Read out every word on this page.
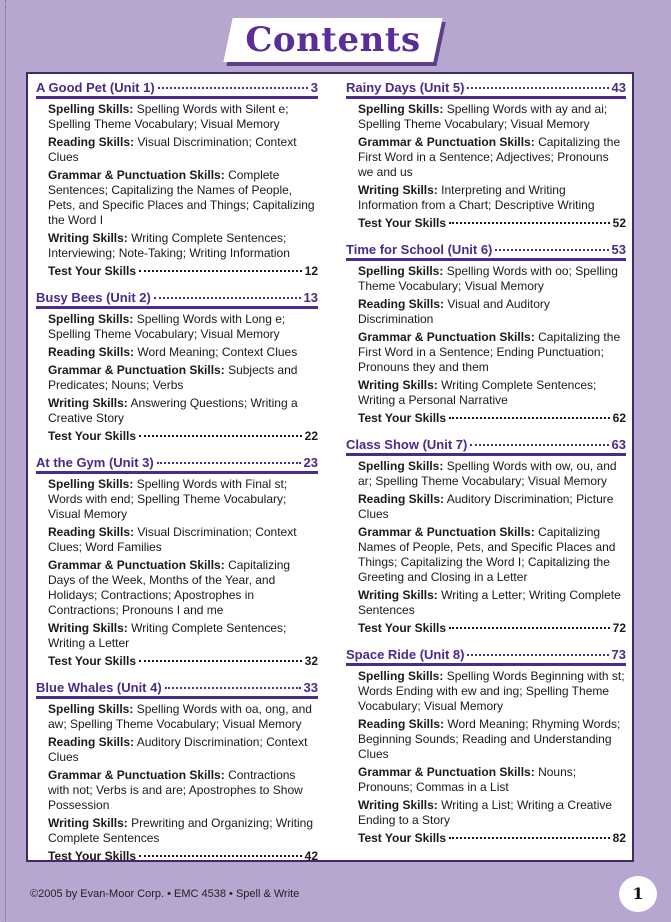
Contents
A Good Pet (Unit 1)	3
Spelling Skills: Spelling Words with Silent e; Spelling Theme Vocabulary; Visual Memory
Reading Skills: Visual Discrimination; Context Clues
Grammar & Punctuation Skills: Complete Sentences; Capitalizing the Names of People, Pets, and Specific Places and Things; Capitalizing the Word I
Writing Skills: Writing Complete Sentences; Interviewing; Note-Taking; Writing Information
Test Your Skills	12
Busy Bees (Unit 2)	13
Spelling Skills: Spelling Words with Long e; Spelling Theme Vocabulary; Visual Memory
Reading Skills: Word Meaning; Context Clues
Grammar & Punctuation Skills: Subjects and Predicates; Nouns; Verbs
Writing Skills: Answering Questions; Writing a Creative Story
Test Your Skills	22
At the Gym (Unit 3)	23
Spelling Skills: Spelling Words with Final st; Words with end; Spelling Theme Vocabulary; Visual Memory
Reading Skills: Visual Discrimination; Context Clues; Word Families
Grammar & Punctuation Skills: Capitalizing Days of the Week, Months of the Year, and Holidays; Contractions; Apostrophes in Contractions; Pronouns I and me
Writing Skills: Writing Complete Sentences; Writing a Letter
Test Your Skills	32
Blue Whales (Unit 4)	33
Spelling Skills: Spelling Words with oa, ong, and aw; Spelling Theme Vocabulary; Visual Memory
Reading Skills: Auditory Discrimination; Context Clues
Grammar & Punctuation Skills: Contractions with not; Verbs is and are; Apostrophes to Show Possession
Writing Skills: Prewriting and Organizing; Writing Complete Sentences
Test Your Skills	42
Rainy Days (Unit 5)	43
Spelling Skills: Spelling Words with ay and ai; Spelling Theme Vocabulary; Visual Memory
Grammar & Punctuation Skills: Capitalizing the First Word in a Sentence; Adjectives; Pronouns we and us
Writing Skills: Interpreting and Writing Information from a Chart; Descriptive Writing
Test Your Skills	52
Time for School (Unit 6)	53
Spelling Skills: Spelling Words with oo; Spelling Theme Vocabulary; Visual Memory
Reading Skills: Visual and Auditory Discrimination
Grammar & Punctuation Skills: Capitalizing the First Word in a Sentence; Ending Punctuation; Pronouns they and them
Writing Skills: Writing Complete Sentences; Writing a Personal Narrative
Test Your Skills	62
Class Show (Unit 7)	63
Spelling Skills: Spelling Words with ow, ou, and ar; Spelling Theme Vocabulary; Visual Memory
Reading Skills: Auditory Discrimination; Picture Clues
Grammar & Punctuation Skills: Capitalizing Names of People, Pets, and Specific Places and Things; Capitalizing the Word I; Capitalizing the Greeting and Closing in a Letter
Writing Skills: Writing a Letter; Writing Complete Sentences
Test Your Skills	72
Space Ride (Unit 8)	73
Spelling Skills: Spelling Words Beginning with st; Words Ending with ew and ing; Spelling Theme Vocabulary; Visual Memory
Reading Skills: Word Meaning; Rhyming Words; Beginning Sounds; Reading and Understanding Clues
Grammar & Punctuation Skills: Nouns; Pronouns; Commas in a List
Writing Skills: Writing a List; Writing a Creative Ending to a Story
Test Your Skills	82
©2005 by Evan-Moor Corp. • EMC 4538 • Spell & Write	1
